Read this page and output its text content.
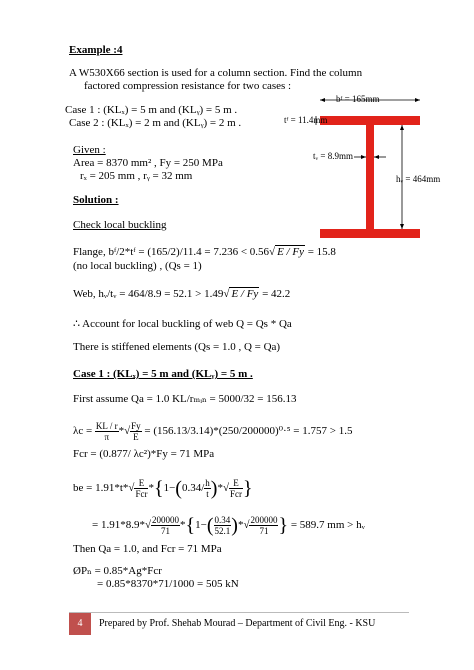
Example :4
A W530X66 section is used for a column section. Find the column
factored compression resistance for two cases :
Case 1 : (KLₓ) = 5 m and (KLᵧ) = 5 m .
Case 2 : (KLₓ) = 2 m and (KLᵧ) = 2 m .
bᶠ = 165mm
tᶠ = 11.4mm
tᵥ = 8.9mm
hᵥ = 464mm
Given :
Area = 8370 mm² , Fy = 250 MPa
rₓ = 205 mm , rᵧ = 32 mm
Solution :
Check local buckling
Flange, bᶠ/2*tᶠ = (165/2)/11.4 = 7.236 < 0.56√ E / Fy = 15.8
(no local buckling) , (Qs = 1)
Web, hᵥ/tᵥ = 464/8.9 = 52.1 > 1.49√ E / Fy = 42.2
∴ Account for local buckling of web Q = Qs * Qa
There is stiffened elements (Qs = 1.0 , Q = Qa)
Case 1 : (KLₓ) = 5 m and (KLᵧ) = 5 m .
First assume Qa = 1.0 KL/rₘᵢₙ = 5000/32 = 156.13
$\lambda c = \frac{KL / r}{\pi}$ *√ $\frac{Fy}{E} = (156.13/3.14)*(250/200000)^0\cdot^5 = 1.757 > 1.5$
Fcr = (0.877/ λc²)*Fy = 71 MPa
be = $1.91*t*√ \frac{E}{\text{Fcr}} *\{1-(0.34/ \frac{h}{t}$ )*√ $\frac{E}{\text{Fcr}}$ }
= $1.91*8.9*√ \frac{200000}{71} *\{1-( \frac{0.34}{52.1}$ )*√ $\frac{200000}{71}$ } = 589.7 mm > hᵥ
Then Qa = 1.0, and Fcr = 71 MPa
ØPₙ = 0.85*Ag*Fcr
= 0.85*8370*71/1000 = 505 kN
4	Prepared by Prof. Shehab Mourad – Department of Civil Eng. - KSU
